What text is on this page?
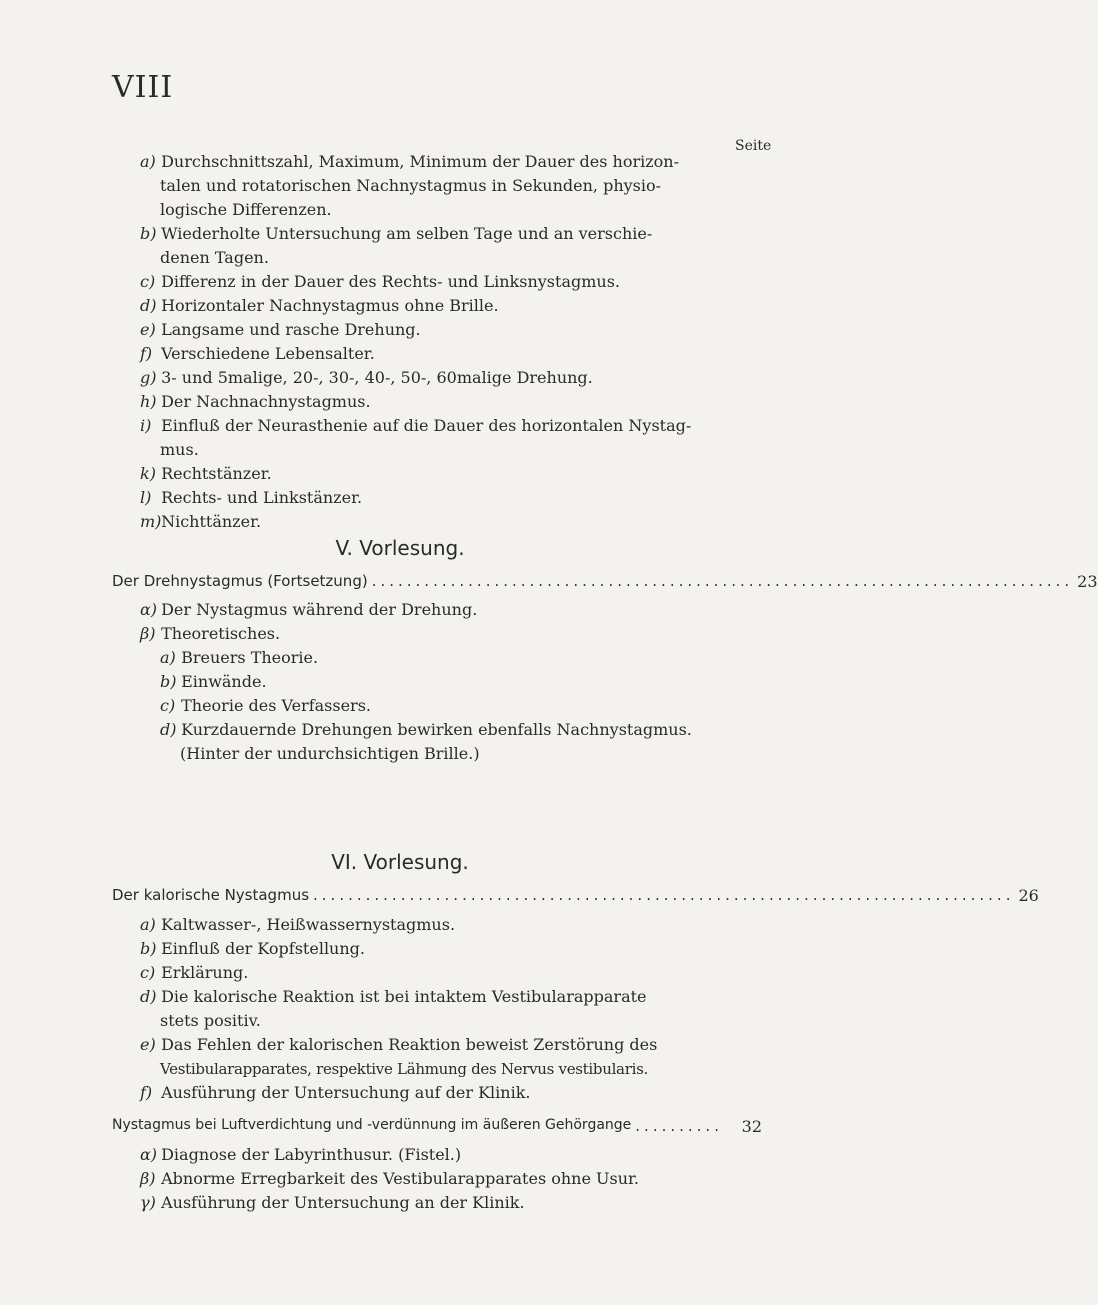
VIII
Seite
a) Durchschnittszahl, Maximum, Minimum der Dauer des horizon-
talen und rotatorischen Nachnystagmus in Sekunden, physio-
logische Differenzen.
b) Wiederholte Untersuchung am selben Tage und an verschie-
denen Tagen.
c) Differenz in der Dauer des Rechts- und Linksnystagmus.
d) Horizontaler Nachnystagmus ohne Brille.
e) Langsame und rasche Drehung.
f) Verschiedene Lebensalter.
g) 3- und 5malige, 20-, 30-, 40-, 50-, 60malige Drehung.
h) Der Nachnachnystagmus.
i) Einfluß der Neurasthenie auf die Dauer des horizontalen Nystag-
mus.
k) Rechtstänzer.
l) Rechts- und Linkstänzer.
m) Nichttänzer.
V. Vorlesung.
Der Drehnystagmus (Fortsetzung) ................................................................................ 23
α) Der Nystagmus während der Drehung.
β) Theoretisches.
a) Breuers Theorie.
b) Einwände.
c) Theorie des Verfassers.
d) Kurzdauernde Drehungen bewirken ebenfalls Nachnystagmus.
(Hinter der undurchsichtigen Brille.)
VI. Vorlesung.
Der kalorische Nystagmus ................................................................................ 26
a) Kaltwasser-, Heißwassernystagmus.
b) Einfluß der Kopfstellung.
c) Erklärung.
d) Die kalorische Reaktion ist bei intaktem Vestibularapparate
stets positiv.
e) Das Fehlen der kalorischen Reaktion beweist Zerstörung des
Vestibularapparates, respektive Lähmung des Nervus vestibularis.
f) Ausführung der Untersuchung auf der Klinik.
Nystagmus bei Luftverdichtung und -verdünnung im äußeren Gehörgange ..........	32
α) Diagnose der Labyrinthusur. (Fistel.)
β) Abnorme Erregbarkeit des Vestibularapparates ohne Usur.
γ) Ausführung der Untersuchung an der Klinik.
